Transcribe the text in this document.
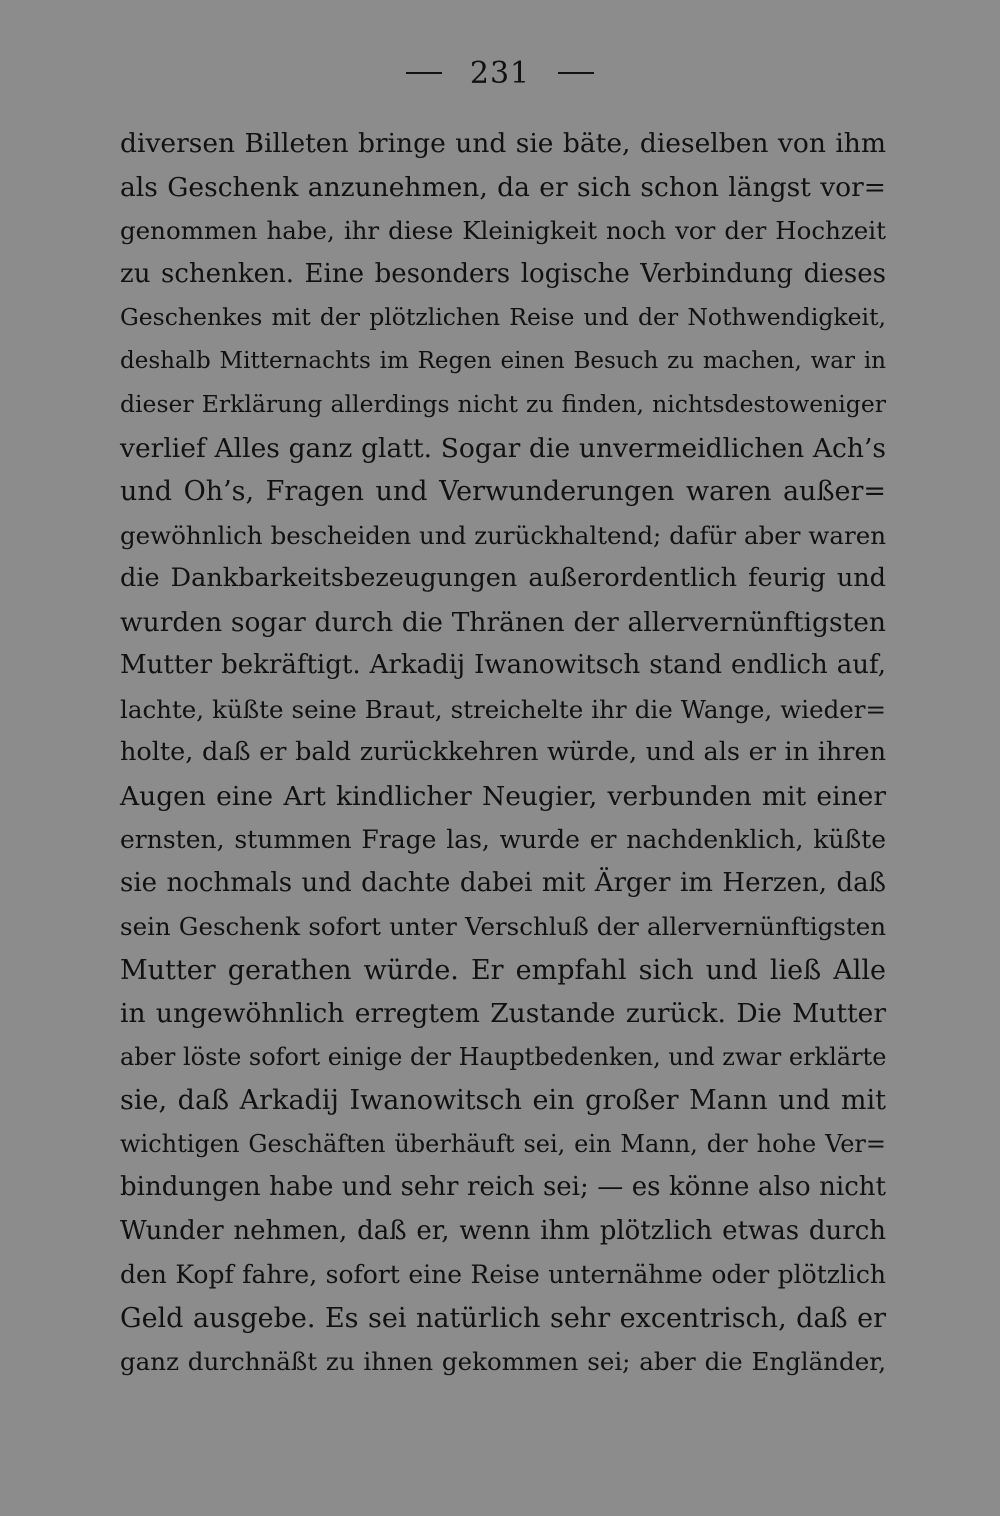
231
diversen Billeten bringe und sie bäte, dieselben von ihm
als Geschenk anzunehmen, da er sich schon längst vor=
genommen habe, ihr diese Kleinigkeit noch vor der Hochzeit
zu schenken. Eine besonders logische Verbindung dieses
Geschenkes mit der plötzlichen Reise und der Nothwendigkeit,
deshalb Mitternachts im Regen einen Besuch zu machen, war in
dieser Erklärung allerdings nicht zu finden, nichtsdestoweniger
verlief Alles ganz glatt. Sogar die unvermeidlichen Ach’s
und Oh’s, Fragen und Verwunderungen waren außer=
gewöhnlich bescheiden und zurückhaltend; dafür aber waren
die Dankbarkeitsbezeugungen außerordentlich feurig und
wurden sogar durch die Thränen der allervernünftigsten
Mutter bekräftigt. Arkadij Iwanowitsch stand endlich auf,
lachte, küßte seine Braut, streichelte ihr die Wange, wieder=
holte, daß er bald zurückkehren würde, und als er in ihren
Augen eine Art kindlicher Neugier, verbunden mit einer
ernsten, stummen Frage las, wurde er nachdenklich, küßte
sie nochmals und dachte dabei mit Ärger im Herzen, daß
sein Geschenk sofort unter Verschluß der allervernünftigsten
Mutter gerathen würde. Er empfahl sich und ließ Alle
in ungewöhnlich erregtem Zustande zurück. Die Mutter
aber löste sofort einige der Hauptbedenken, und zwar erklärte
sie, daß Arkadij Iwanowitsch ein großer Mann und mit
wichtigen Geschäften überhäuft sei, ein Mann, der hohe Ver=
bindungen habe und sehr reich sei; — es könne also nicht
Wunder nehmen, daß er, wenn ihm plötzlich etwas durch
den Kopf fahre, sofort eine Reise unternähme oder plötzlich
Geld ausgebe. Es sei natürlich sehr excentrisch, daß er
ganz durchnäßt zu ihnen gekommen sei; aber die Engländer,
